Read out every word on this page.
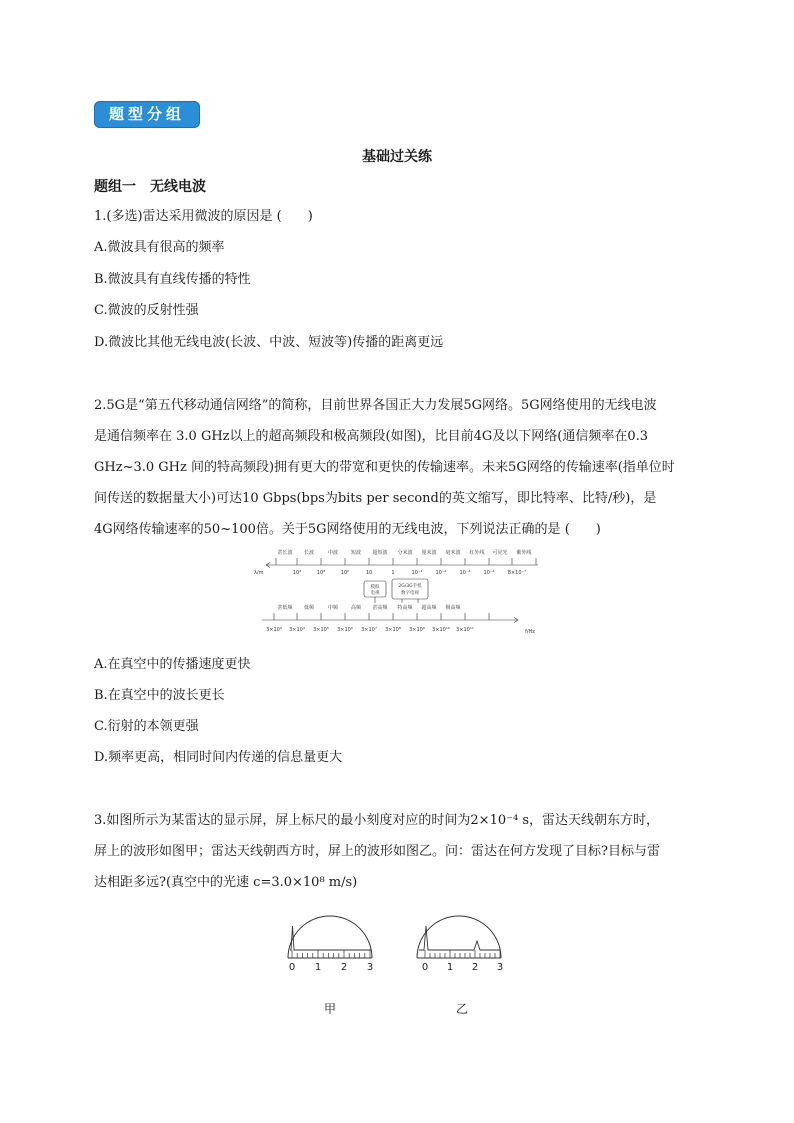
题型分组
基础过关练
题组一　无线电波
1.(多选)雷达采用微波的原因是 (　　)
A.微波具有很高的频率
B.微波具有直线传播的特性
C.微波的反射性强
D.微波比其他无线电波(长波、中波、短波等)传播的距离更远
2.5G是“第五代移动通信网络”的简称，目前世界各国正大力发展5G网络。5G网络使用的无线电波
是通信频率在 3.0 GHz以上的超高频段和极高频段(如图)，比目前4G及以下网络(通信频率在0.3
GHz~3.0 GHz 间的特高频段)拥有更大的带宽和更快的传输速率。未来5G网络的传输速率(指单位时
间传送的数据量大小)可达10 Gbps(bps为bits per second的英文缩写，即比特率、比特/秒)，是
4G网络传输速率的50~100倍。关于5G网络使用的无线电波，下列说法正确的是 (　　)
甚长波 长波	中波	短波 超短波 分米波 厘米波 毫米波 红外线 可见光 紫外线
λ/m	10⁴	10³	10²	10	1	10⁻¹	10⁻²	10⁻³	10⁻⁴	8×10⁻⁷
模拟
电视
2G/3G手机
数字电视
甚低频 低频	中频	高频 甚高频 特高频 超高频 极高频
3×10³ 3×10⁴ 3×10⁵ 3×10⁶ 3×10⁷ 3×10⁸ 3×10⁹ 3×10¹⁰ 3×10¹¹	f/Hz
A.在真空中的传播速度更快
B.在真空中的波长更长
C.衍射的本领更强
D.频率更高，相同时间内传递的信息量更大
3.如图所示为某雷达的显示屏，屏上标尺的最小刻度对应的时间为2×10⁻⁴ s，雷达天线朝东方时，
屏上的波形如图甲；雷达天线朝西方时，屏上的波形如图乙。问：雷达在何方发现了目标?目标与雷
达相距多远?(真空中的光速 c=3.0×10⁸ m/s)
0 1 2 3	0 1 2 3
甲	乙
